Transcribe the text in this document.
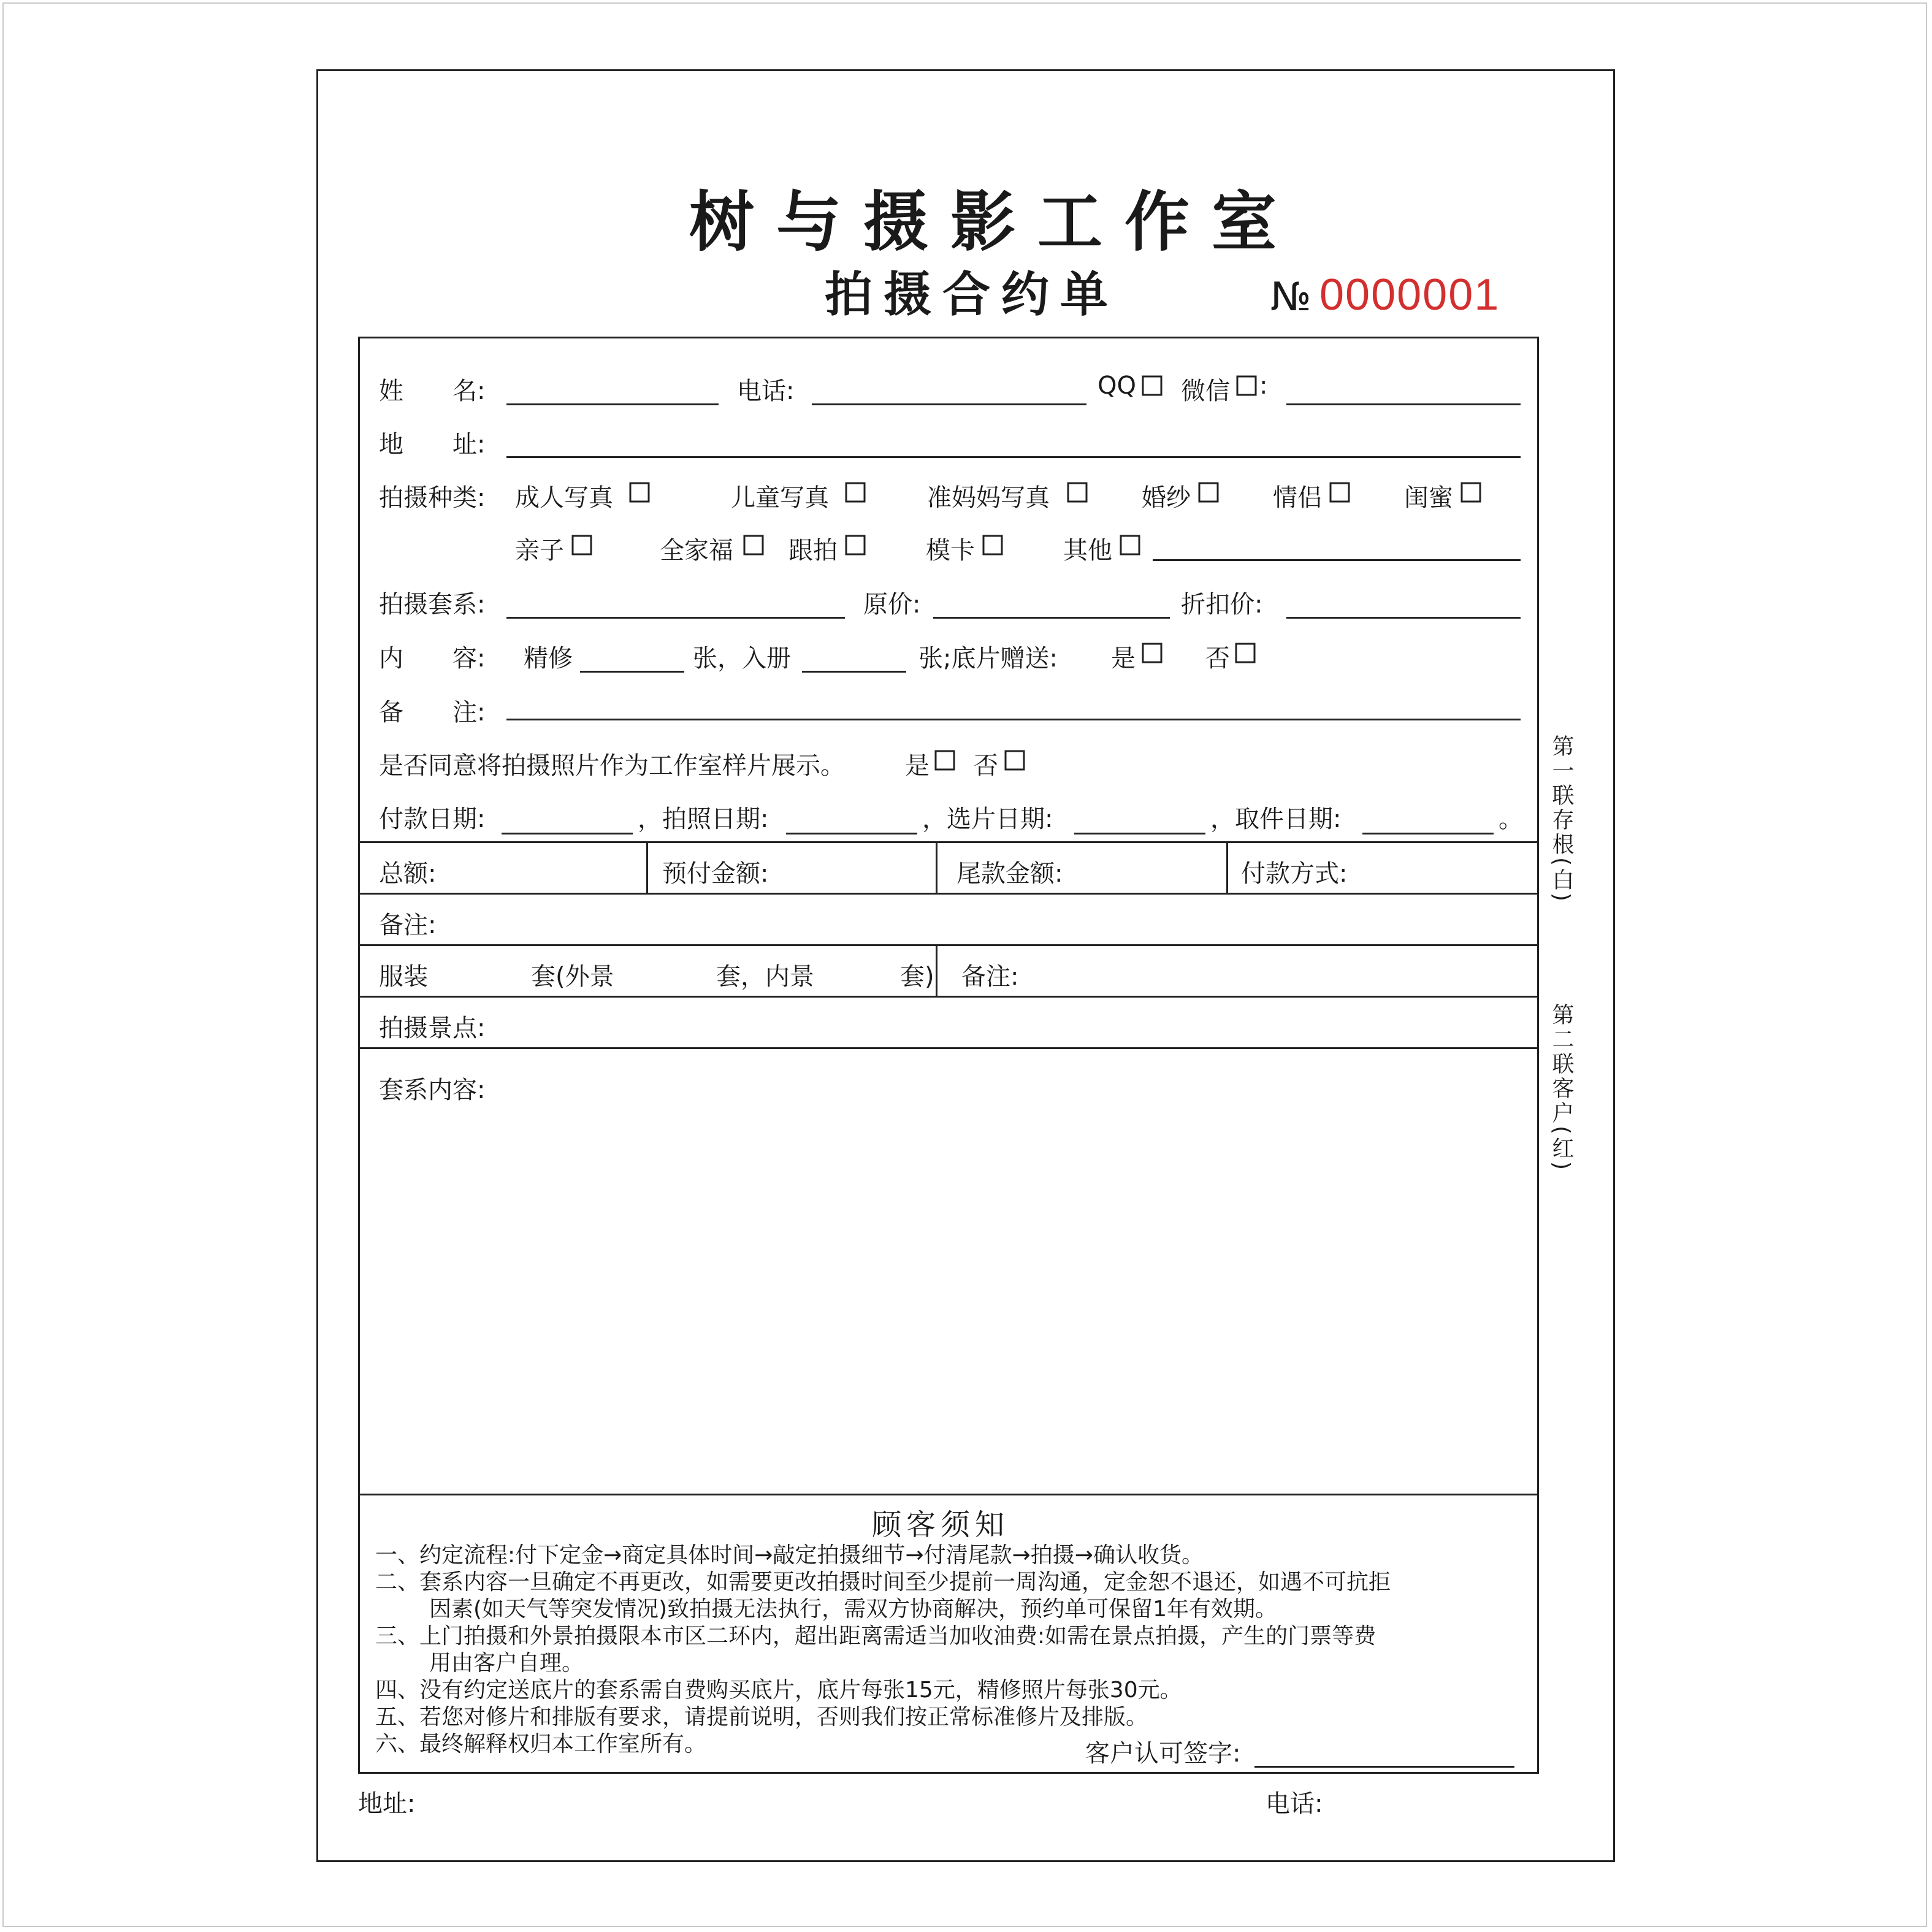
树与摄影工作室
拍摄合约单	№ 0000001
姓　　名:	电话:	QQ 微信 :
地　　址:
拍摄种类: 成人写真	儿童写真	准妈妈写真	婚纱	情侣	闺蜜
亲子	全家福 跟拍	模卡	其他
拍摄套系:	原价:	折扣价:
内　　容: 精修	张，入册	张;底片赠送: 是	否
备　　注:
是否同意将拍摄照片作为工作室样片展示。 是 否
付款日期:	，拍照日期:	，选片日期:	，取件日期:	。
总额:	预付金额:	尾款金额:	付款方式:
备注:
服装	套(外景	套，内景	套) 备注:
拍摄景点:
套系内容:
顾客须知
一、约定流程:付下定金→商定具体时间→敲定拍摄细节→付清尾款→拍摄→确认收货。
二、套系内容一旦确定不再更改，如需要更改拍摄时间至少提前一周沟通，定金恕不退还，如遇不可抗拒
因素(如天气等突发情况)致拍摄无法执行，需双方协商解决，预约单可保留1年有效期。
三、上门拍摄和外景拍摄限本市区二环内，超出距离需适当加收油费:如需在景点拍摄，产生的门票等费
用由客户自理。
四、没有约定送底片的套系需自费购买底片，底片每张15元，精修照片每张30元。
五、若您对修片和排版有要求，请提前说明，否则我们按正常标准修片及排版。
六、最终解释权归本工作室所有。	客户认可签字:
地址:	电话:
第一联存根(白)
第二联客户(红)
